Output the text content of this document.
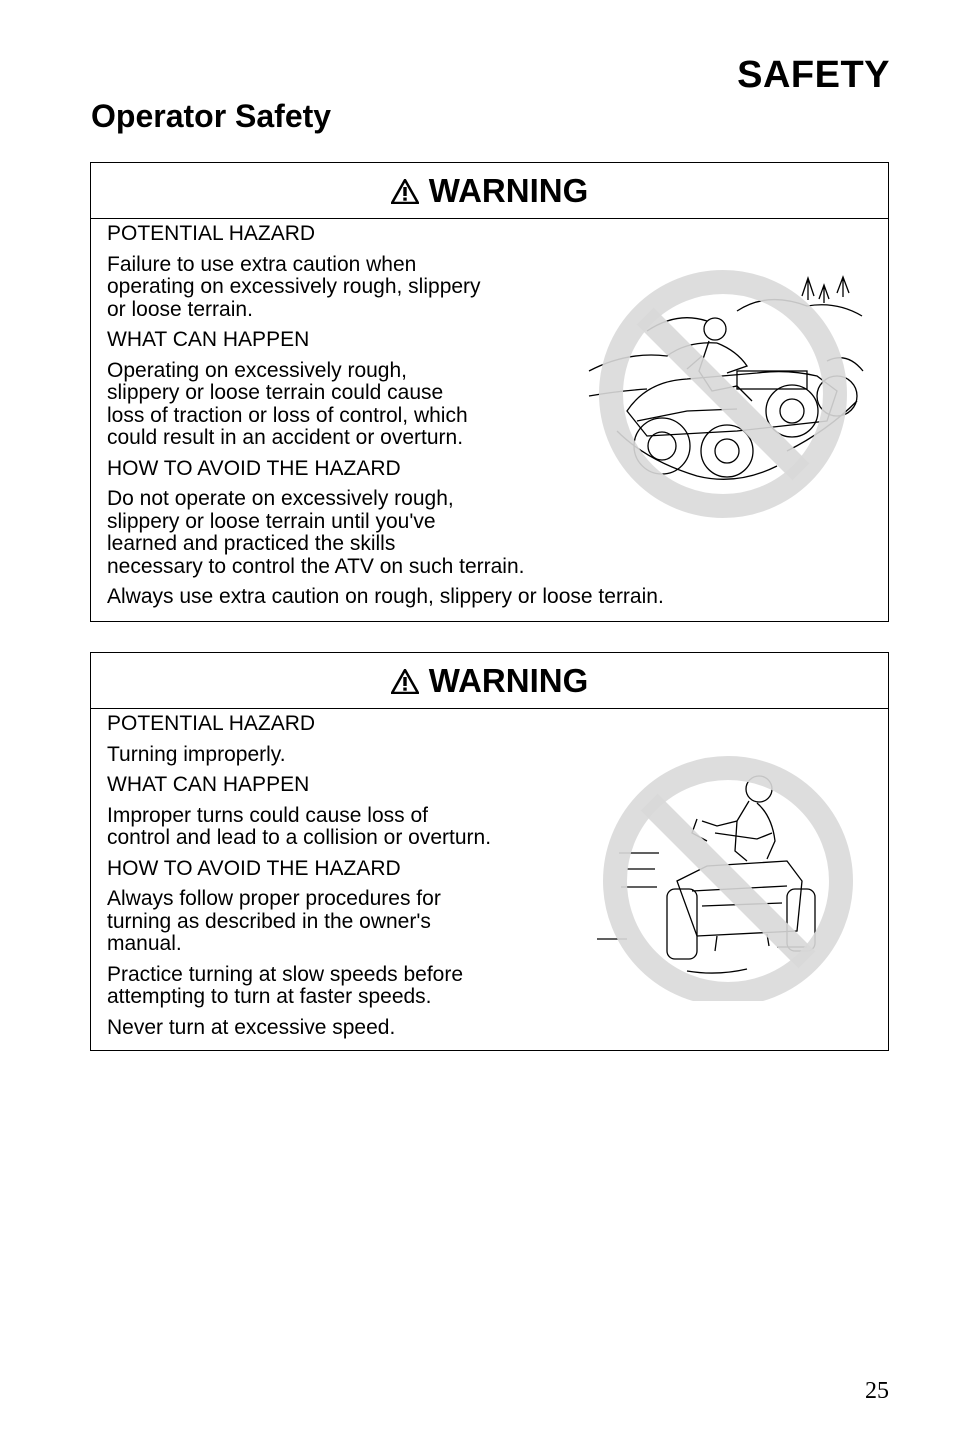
SAFETY
Operator Safety
WARNING

POTENTIAL HAZARD

Failure to use extra caution when
operating on excessively rough, slippery
or loose terrain.

WHAT CAN HAPPEN

Operating on excessively rough,
slippery or loose terrain could cause
loss of traction or loss of control, which
could result in an accident or overturn.

HOW TO AVOID THE HAZARD

Do not operate on excessively rough,
slippery or loose terrain until you've
learned and practiced the skills
necessary to control the ATV on such terrain.

Always use extra caution on rough, slippery or loose terrain.

WARNING

POTENTIAL HAZARD

Turning improperly.

WHAT CAN HAPPEN

Improper turns could cause loss of
control and lead to a collision or overturn.

HOW TO AVOID THE HAZARD

Always follow proper procedures for
turning as described in the owner's
manual.

Practice turning at slow speeds before
attempting to turn at faster speeds.

Never turn at excessive speed.

25
